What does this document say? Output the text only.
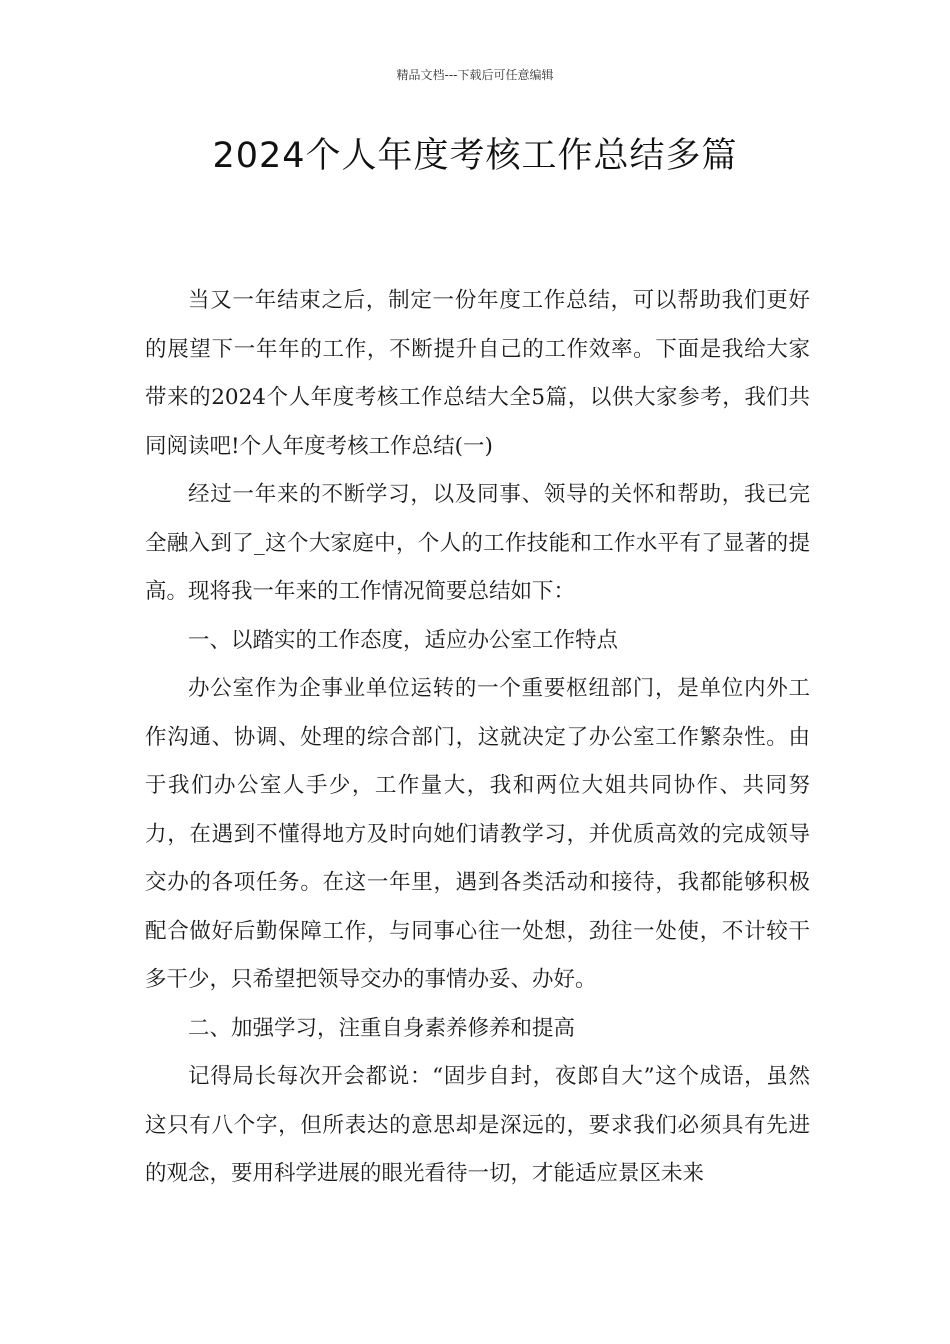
精品文档---下载后可任意编辑
2024个人年度考核工作总结多篇

当又一年结束之后，制定一份年度工作总结，可以帮助我们更好的展望下一年年的工作，不断提升自己的工作效率。下面是我给大家带来的2024个人年度考核工作总结大全5篇，以供大家参考，我们共同阅读吧!个人年度考核工作总结(一)

经过一年来的不断学习，以及同事、领导的关怀和帮助，我已完全融入到了_这个大家庭中，个人的工作技能和工作水平有了显著的提高。现将我一年来的工作情况简要总结如下：

一、以踏实的工作态度，适应办公室工作特点

办公室作为企事业单位运转的一个重要枢纽部门，是单位内外工作沟通、协调、处理的综合部门，这就决定了办公室工作繁杂性。由于我们办公室人手少，工作量大，我和两位大姐共同协作、共同努力，在遇到不懂得地方及时向她们请教学习，并优质高效的完成领导交办的各项任务。在这一年里，遇到各类活动和接待，我都能够积极配合做好后勤保障工作，与同事心往一处想，劲往一处使，不计较干多干少，只希望把领导交办的事情办妥、办好。

二、加强学习，注重自身素养修养和提高

记得局长每次开会都说：“固步自封，夜郎自大”这个成语，虽然这只有八个字，但所表达的意思却是深远的，要求我们必须具有先进的观念，要用科学进展的眼光看待一切，才能适应景区未来
